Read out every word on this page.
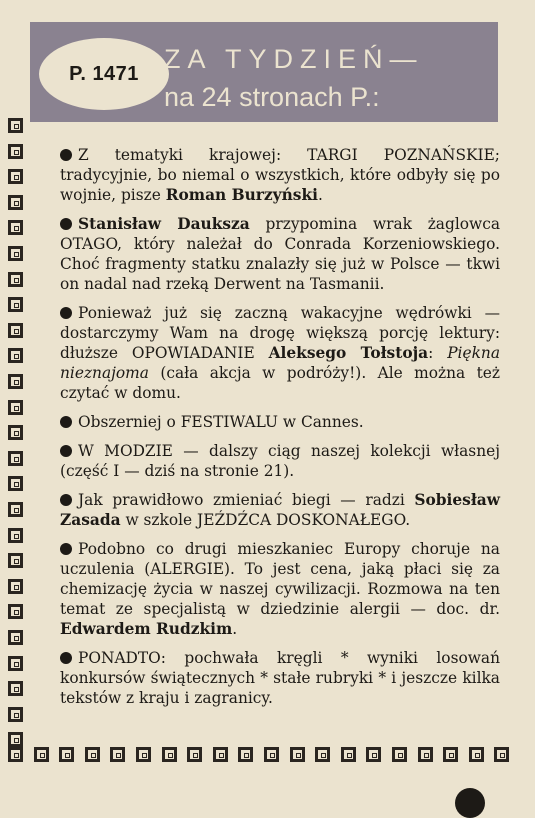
P. 1471 ZA TYDZIEŃ—
na 24 stronach P.:

Z tematyki krajowej: TARGI POZNAŃSKIE; tradycyjnie, bo niemal o wszystkich, które odbyły się po wojnie, pisze Roman Burzyński.

Stanisław Dauksza przypomina wrak żaglowca OTAGO, który należał do Conrada Korzeniowskiego. Choć fragmenty statku znalazły się już w Polsce — tkwi on nadal nad rzeką Derwent na Tasmanii.

Ponieważ już się zaczną wakacyjne wędrówki — dostarczymy Wam na drogę większą porcję lektury: dłuższe OPOWIADANIE Aleksego Tołstoja: Piękna nieznajoma (cała akcja w podróży!). Ale można też czytać w domu.

Obszerniej o FESTIWALU w Cannes.

W MODZIE — dalszy ciąg naszej kolekcji własnej (część I — dziś na stronie 21).

Jak prawidłowo zmieniać biegi — radzi Sobiesław Zasada w szkole JEŹDŹCA DOSKONAŁEGO.

Podobno co drugi mieszkaniec Europy choruje na uczulenia (ALERGIE). To jest cena, jaką płaci się za chemizację życia w naszej cywilizacji. Rozmowa na ten temat ze specjalistą w dziedzinie alergii — doc. dr. Edwardem Rudzkim.

PONADTO: pochwała kręgli * wyniki losowań konkursów świątecznych * stałe rubryki * i jeszcze kilka tekstów z kraju i zagranicy.
